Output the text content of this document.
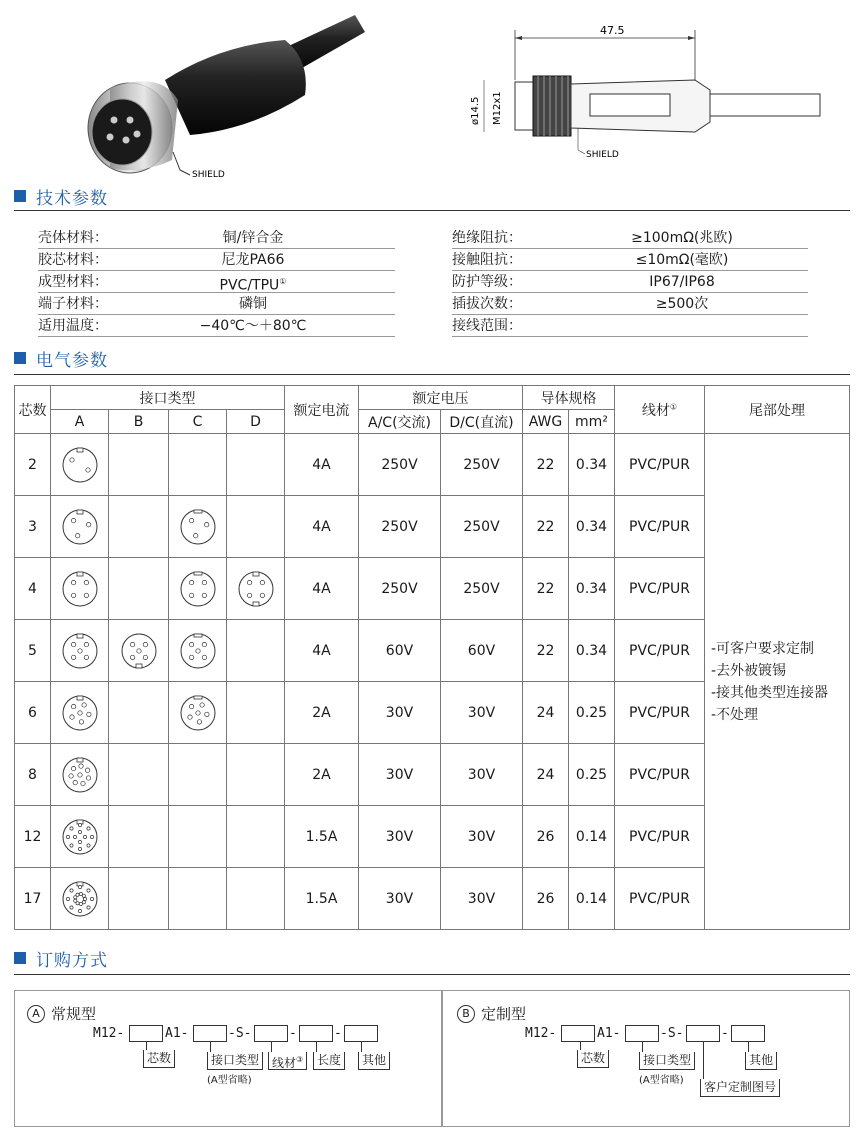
SHIELD
47.5
ø14.5 M12x1
SHIELD
技术参数
壳体材料：	铜/锌合金
胶芯材料：	尼龙PA66
成型材料：	PVC/TPU①
端子材料：	磷铜
适用温度：	−40℃～＋80℃
绝缘阻抗：	≥100mΩ(兆欧)
接触阻抗：	≤10mΩ(毫欧)
防护等级：	IP67/IP68
插拔次数：	≥500次
接线范围：
电气参数
芯数	接口类型				额定电流	额定电压		导体规格		线材①	尾部处理
	A	B	C	D		A/C(交流)	D/C(直流)	AWG	mm²		
2					4A	250V	250V	22	0.34	PVC/PUR	-可客户要求定制
-去外被镀锡
-接其他类型连接器
-不处理

3					4A	250V	250V	22	0.34	PVC/PUR	
4					4A	250V	250V	22	0.34	PVC/PUR	
5					4A	60V	60V	22	0.34	PVC/PUR	
6					2A	30V	30V	24	0.25	PVC/PUR	
8					2A	30V	30V	24	0.25	PVC/PUR	
12					1.5A	30V	30V	26	0.14	PVC/PUR	
17					1.5A	30V	30V	26	0.14	PVC/PUR	
订购方式
A 常规型
M12-	A1-	-S-	-	-
芯数	接口类型
(A型省略)
线材③	长度	其他
B 定制型
M12-	A1-	-S-	-
芯数	接口类型
(A型省略)
其他
客户定制图号
